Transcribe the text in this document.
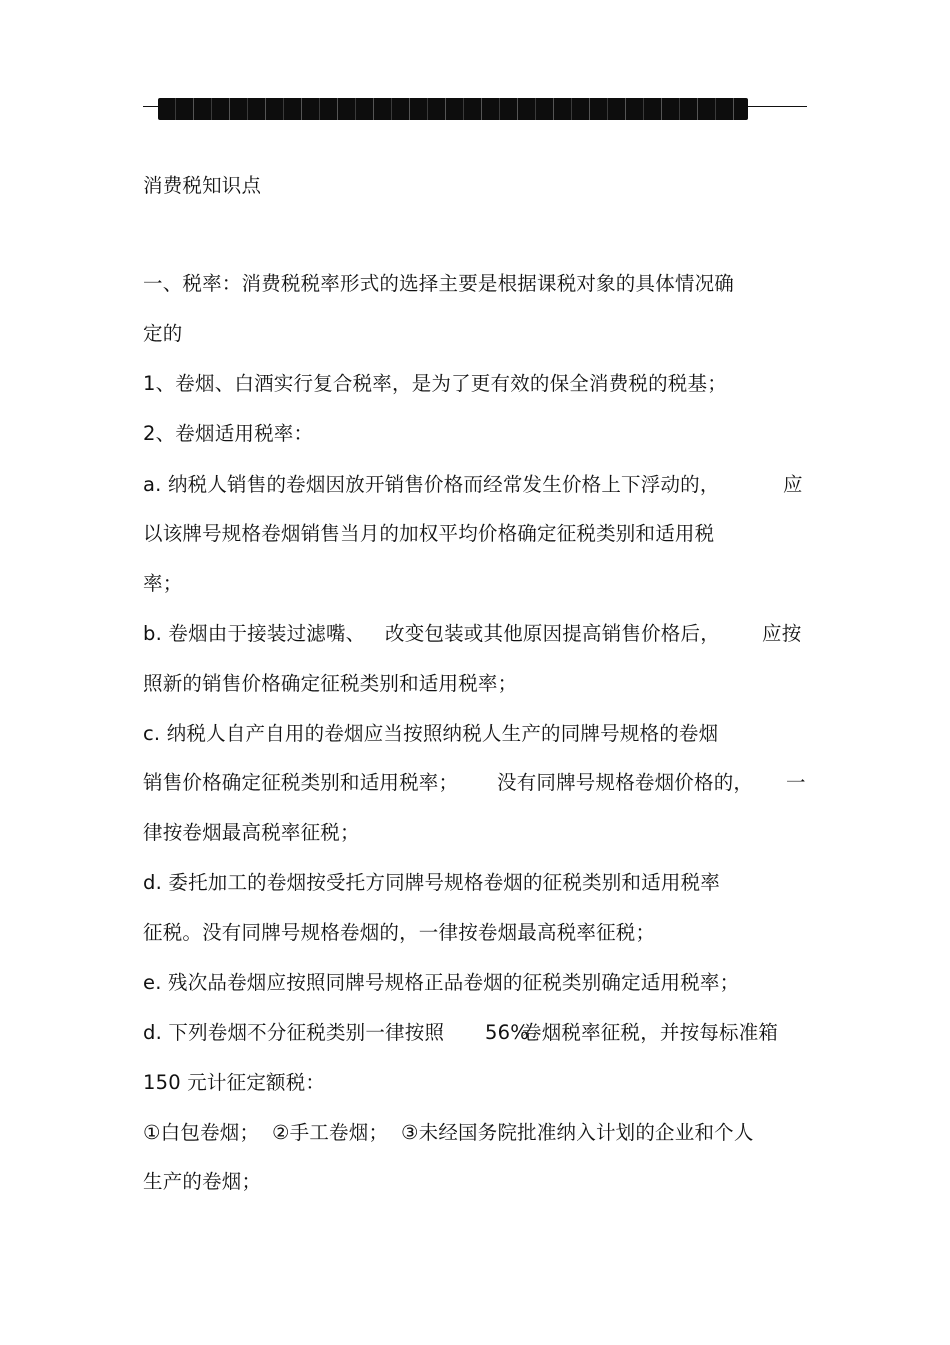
消费税知识点
一、税率：消费税税率形式的选择主要是根据课税对象的具体情况确
定的
1、卷烟、白酒实行复合税率，是为了更有效的保全消费税的税基；
2、卷烟适用税率：
a. 纳税人销售的卷烟因放开销售价格而经常发生价格上下浮动的，	应
以该牌号规格卷烟销售当月的加权平均价格确定征税类别和适用税
率；
b. 卷烟由于接装过滤嘴、 改变包装或其他原因提高销售价格后， 应按
照新的销售价格确定征税类别和适用税率；
c. 纳税人自产自用的卷烟应当按照纳税人生产的同牌号规格的卷烟
销售价格确定征税类别和适用税率； 没有同牌号规格卷烟价格的， 一
律按卷烟最高税率征税；
d. 委托加工的卷烟按受托方同牌号规格卷烟的征税类别和适用税率
征税。没有同牌号规格卷烟的，一律按卷烟最高税率征税；
e. 残次品卷烟应按照同牌号规格正品卷烟的征税类别确定适用税率；
d. 下列卷烟不分征税类别一律按照 56%
卷烟税率征税，并按每标准箱
150 元计征定额税：
①白包卷烟；  ②手工卷烟；  ③未经国务院批准纳入计划的企业和个人
生产的卷烟；
